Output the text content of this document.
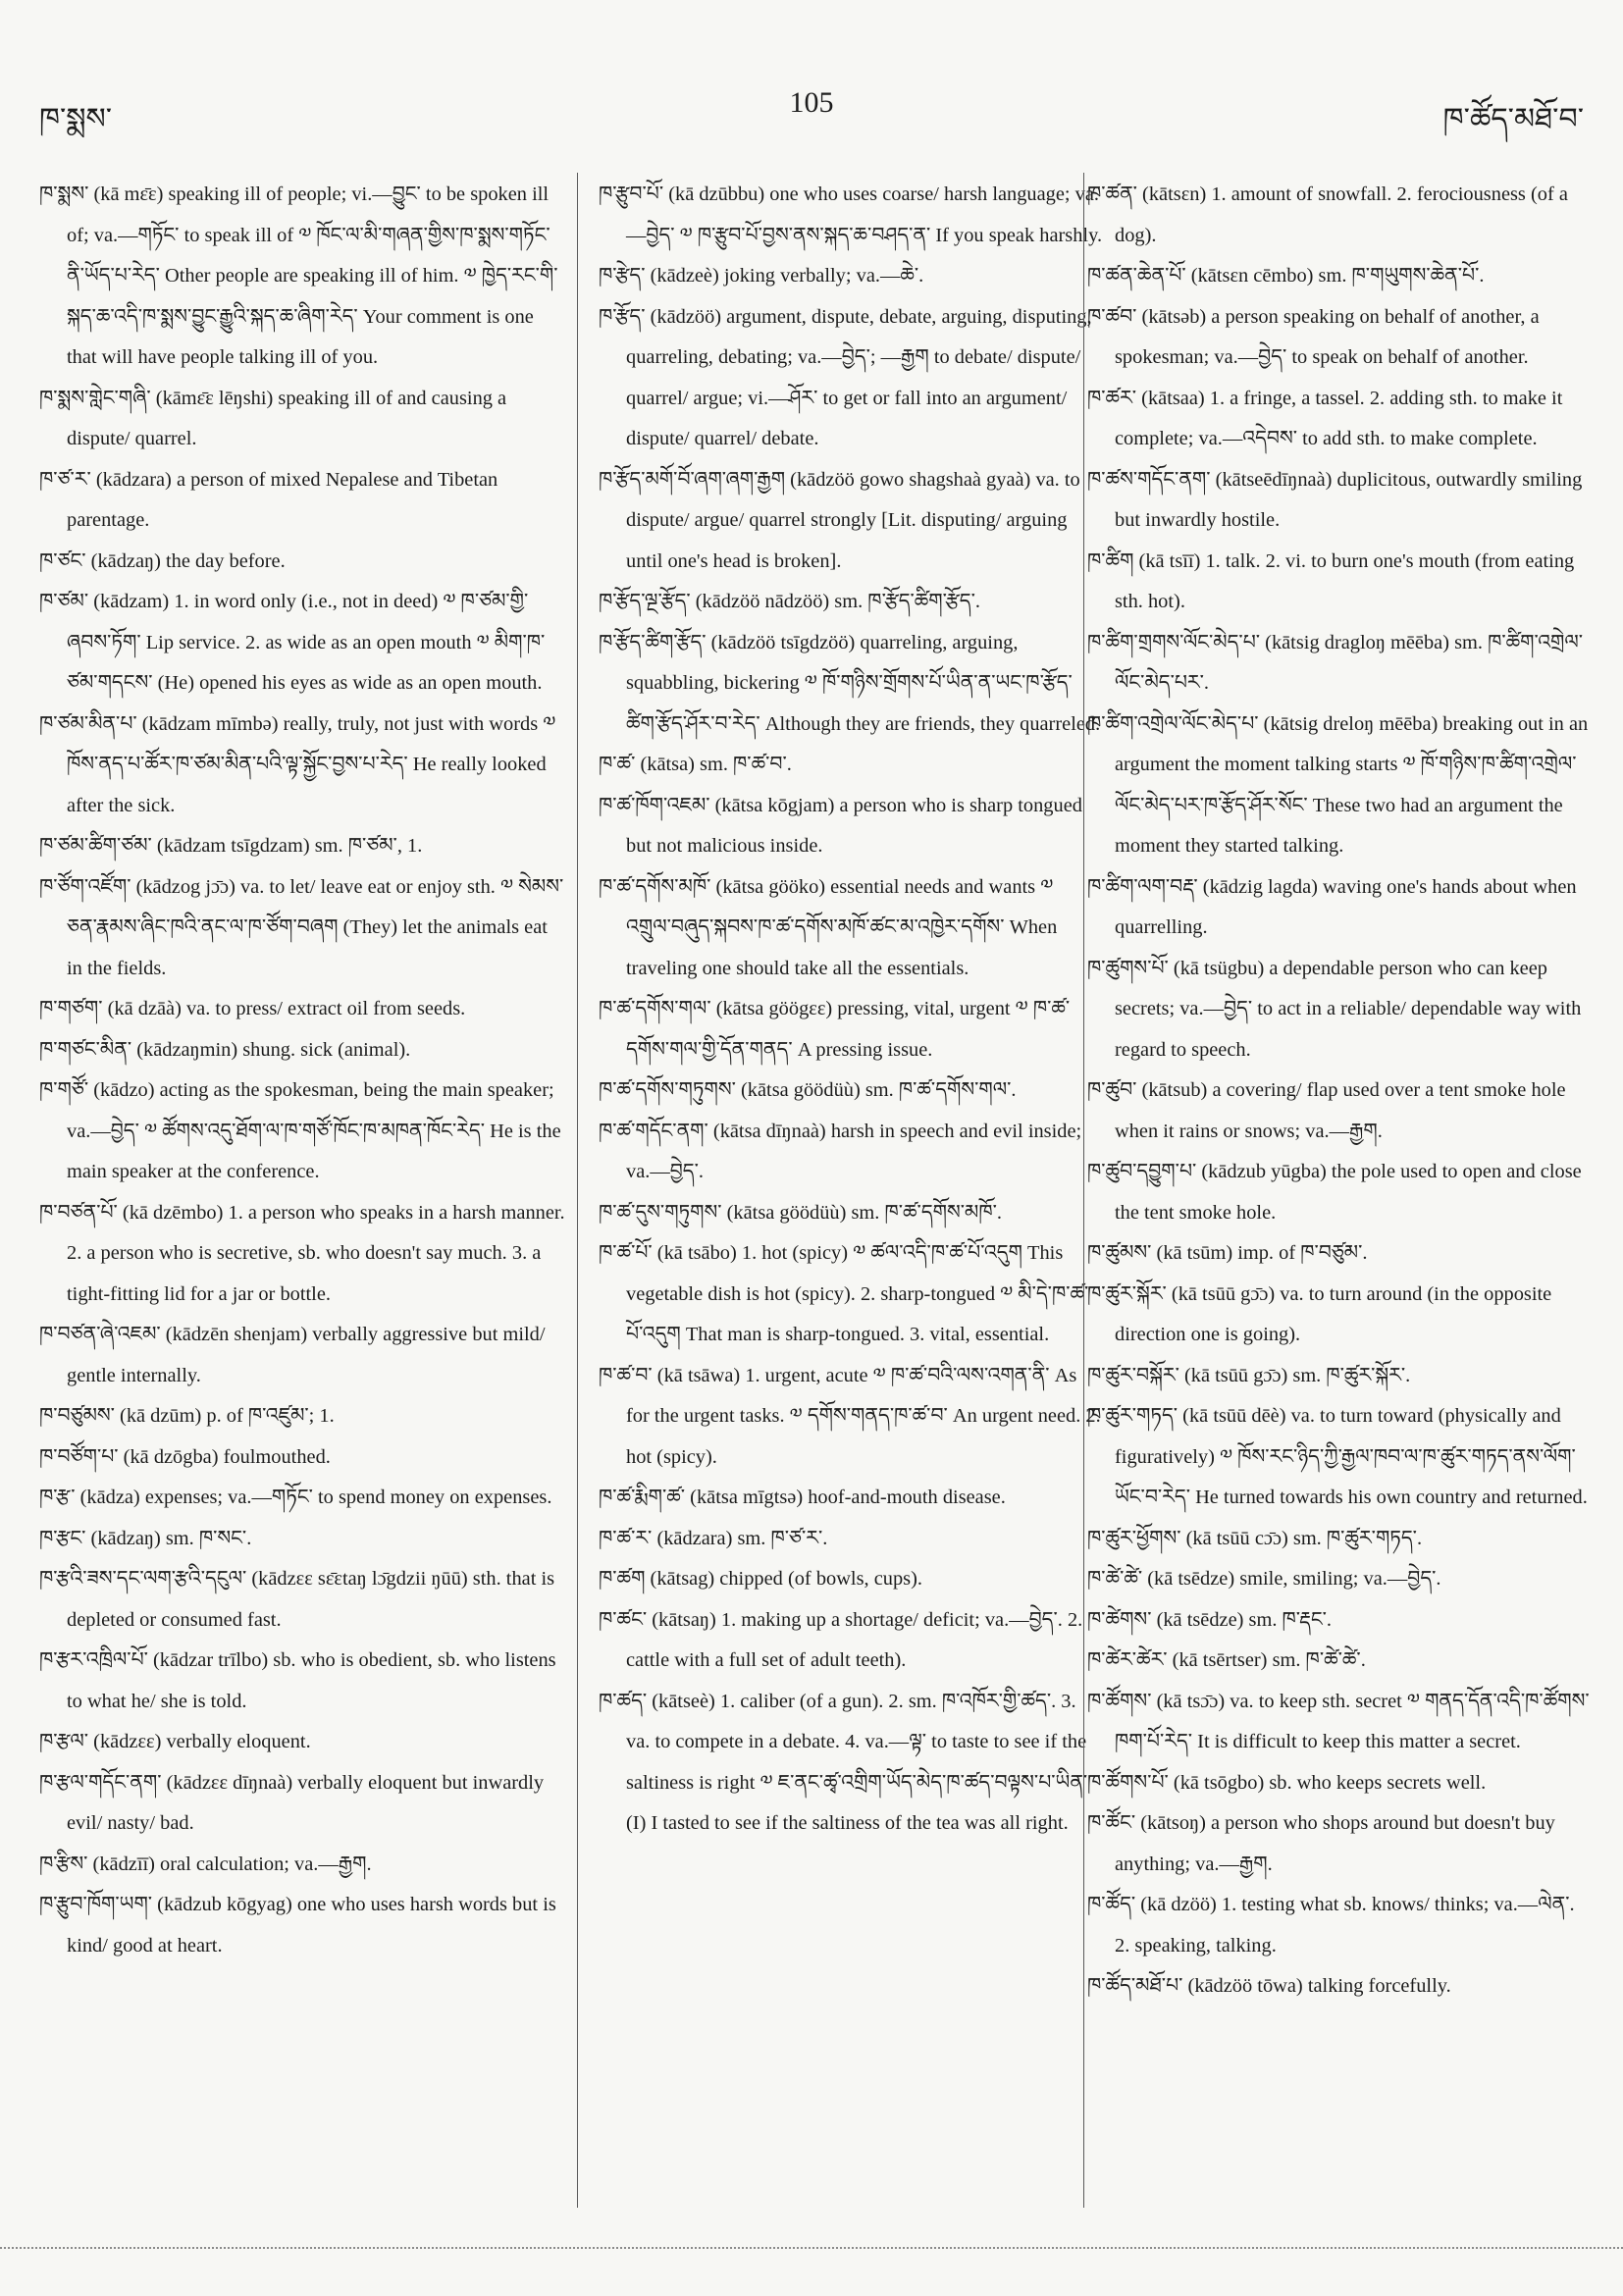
ཁ་སྨས་
105
ཁ་ཚོད་མཐོ་བ་

ཁ་སྨས་ (kā mɛ̄ɛ) speaking ill of people; vi.—བྱུང་ to be spoken ill of; va.—གཏོང་ to speak ill of ༧ ཁོང་ལ་མི་གཞན་གྱིས་ཁ་སྨས་གཏོང་ནི་ཡོད་པ་རེད་ Other people are speaking ill of him. ༧ ཁྱེད་རང་གི་སྐད་ཆ་འདི་ཁ་སྨས་བྱུང་རྒྱུའི་སྐད་ཆ་ཞིག་རེད་ Your comment is one that will have people talking ill of you.

ཁ་སྨས་གླེང་གཞི་ (kāmɛ̄ɛ lēŋshi) speaking ill of and causing a dispute/ quarrel.

ཁ་ཙ་ར་ (kādzara) a person of mixed Nepalese and Tibetan parentage.

ཁ་ཙང་ (kādzaŋ) the day before.

ཁ་ཙམ་ (kādzam) 1. in word only (i.e., not in deed) ༧ ཁ་ཙམ་གྱི་ཞབས་ཏོག་ Lip service. 2. as wide as an open mouth ༧ མིག་ཁ་ཙམ་གདངས་ (He) opened his eyes as wide as an open mouth.

ཁ་ཙམ་མིན་པ་ (kādzam mīmbə) really, truly, not just with words ༧ ཁོས་ནད་པ་ཚོར་ཁ་ཙམ་མིན་པའི་ལྟ་སྐྱོང་བྱས་པ་རེད་ He really looked after the sick.

ཁ་ཙམ་ཚིག་ཙམ་ (kādzam tsīgdzam) sm. ཁ་ཙམ་, 1.

ཁ་ཙོག་འཛོག་ (kādzog jɔ̄ɔ) va. to let/ leave eat or enjoy sth. ༧ སེམས་ཅན་རྣམས་ཞིང་ཁའི་ནང་ལ་ཁ་ཙོག་བཞག (They) let the animals eat in the fields.

ཁ་གཙག་ (kā dzāà) va. to press/ extract oil from seeds.

ཁ་གཙང་མིན་ (kādzaŋmin) shung. sick (animal).

ཁ་གཙོ་ (kādzo) acting as the spokesman, being the main speaker; va.—བྱེད་ ༧ ཚོགས་འདུ་ཐོག་ལ་ཁ་གཙོ་ཁོང་ཁ་མཁན་ཁོང་རེད་ He is the main speaker at the conference.

ཁ་བཙན་པོ་ (kā dzēmbo) 1. a person who speaks in a harsh manner. 2. a person who is secretive, sb. who doesn't say much. 3. a tight-fitting lid for a jar or bottle.

ཁ་བཙན་ཞེ་འཇམ་ (kādzēn shenjam) verbally aggressive but mild/ gentle internally.

ཁ་བཙུམས་ (kā dzūm) p. of ཁ་འཛུམ་; 1.

ཁ་བཙོག་པ་ (kā dzōgba) foulmouthed.

ཁ་རྩ་ (kādza) expenses; va.—གཏོང་ to spend money on expenses.

ཁ་རྩང་ (kādzaŋ) sm. ཁ་སང་.

ཁ་རྩའི་ཟས་དང་ལག་རྩའི་དངུལ་ (kādzɛɛ sɛ̄ɛtaŋ lɔ̄gdzii ŋūū) sth. that is depleted or consumed fast.

ཁ་རྩར་འཁྲིལ་པོ་ (kādzar trīlbo) sb. who is obedient, sb. who listens to what he/ she is told.

ཁ་རྩལ་ (kādzɛɛ) verbally eloquent.

ཁ་རྩལ་གདོང་ནག་ (kādzɛɛ dīŋnaà) verbally eloquent but inwardly evil/ nasty/ bad.

ཁ་རྩིས་ (kādzīī) oral calculation; va.—རྒྱག.

ཁ་རྩུབ་ཁོག་ཡག་ (kādzub kōgyag) one who uses harsh words but is kind/ good at heart.

ཁ་རྩུབ་པོ་ (kā dzūbbu) one who uses coarse/ harsh language; va.—བྱེད་ ༧ ཁ་རྩུབ་པོ་བྱས་ནས་སྐད་ཆ་བཤད་ན་ If you speak harshly.

ཁ་རྩེད་ (kādzeè) joking verbally; va.—ཆེ་.

ཁ་རྩོད་ (kādzöö) argument, dispute, debate, arguing, disputing, quarreling, debating; va.—བྱེད་; —རྒྱག to debate/ dispute/ quarrel/ argue; vi.—ཤོར་ to get or fall into an argument/ dispute/ quarrel/ debate.

ཁ་རྩོད་མགོ་བོ་ཞག་ཞག་རྒྱག (kādzöö gowo shagshaà gyaà) va. to dispute/ argue/ quarrel strongly [Lit. disputing/ arguing until one's head is broken].

ཁ་རྩོད་ལྔ་རྩོད་ (kādzöö nādzöö) sm. ཁ་རྩོད་ཚིག་རྩོད་.

ཁ་རྩོད་ཚིག་རྩོད་ (kādzöö tsīgdzöö) quarreling, arguing, squabbling, bickering ༧ ཁོ་གཉིས་གྲོགས་པོ་ཡིན་ན་ཡང་ཁ་རྩོད་ཚིག་རྩོད་ཤོར་བ་རེད་ Although they are friends, they quarreled.

ཁ་ཚ་ (kātsa) sm. ཁ་ཚ་བ་.

ཁ་ཚ་ཁོག་འཇམ་ (kātsa kōgjam) a person who is sharp tongued but not malicious inside.

ཁ་ཚ་དགོས་མཁོ་ (kātsa gööko) essential needs and wants ༧ འགྲུལ་བཞུད་སྐབས་ཁ་ཚ་དགོས་མཁོ་ཚང་མ་འཁྱེར་དགོས་ When traveling one should take all the essentials.

ཁ་ཚ་དགོས་གལ་ (kātsa göögɛɛ) pressing, vital, urgent ༧ ཁ་ཚ་དགོས་གལ་གྱི་དོན་གནད་ A pressing issue.

ཁ་ཚ་དགོས་གཏུགས་ (kātsa göödüù) sm. ཁ་ཚ་དགོས་གལ་.

ཁ་ཚ་གདོང་ནག་ (kātsa dīŋnaà) harsh in speech and evil inside; va.—བྱེད་.

ཁ་ཚ་དུས་གཏུགས་ (kātsa göödüù) sm. ཁ་ཚ་དགོས་མཁོ་.

ཁ་ཚ་པོ་ (kā tsābo) 1. hot (spicy) ༧ ཚལ་འདི་ཁ་ཚ་པོ་འདུག This vegetable dish is hot (spicy). 2. sharp-tongued ༧ མི་དེ་ཁ་ཚ་པོ་འདུག That man is sharp-tongued. 3. vital, essential.

ཁ་ཚ་བ་ (kā tsāwa) 1. urgent, acute ༧ ཁ་ཚ་བའི་ལས་འགན་ནི་ As for the urgent tasks. ༧ དགོས་གནད་ཁ་ཚ་བ་ An urgent need. 2. hot (spicy).

ཁ་ཚ་རྨིག་ཚ་ (kātsa mīgtsə) hoof-and-mouth disease.

ཁ་ཚ་ར་ (kādzara) sm. ཁ་ཙ་ར་.

ཁ་ཚག (kātsag) chipped (of bowls, cups).

ཁ་ཚང་ (kātsaŋ) 1. making up a shortage/ deficit; va.—བྱེད་. 2. cattle with a full set of adult teeth).

ཁ་ཚད་ (kātseè) 1. caliber (of a gun). 2. sm. ཁ་འཁོར་གྱི་ཚད་. 3. va. to compete in a debate. 4. va.—ལྟ་ to taste to see if the saltiness is right ༧ ཇ་ནང་ཚྭ་འགྲིག་ཡོད་མེད་ཁ་ཚད་བལྟས་པ་ཡིན་ (I) I tasted to see if the saltiness of the tea was all right.

ཁ་ཚན་ (kātsɛn) 1. amount of snowfall. 2. ferociousness (of a dog).

ཁ་ཚན་ཆེན་པོ་ (kātsɛn cēmbo) sm. ཁ་གཡུགས་ཆེན་པོ་.

ཁ་ཚབ་ (kātsəb) a person speaking on behalf of another, a spokesman; va.—བྱེད་ to speak on behalf of another.

ཁ་ཚར་ (kātsaa) 1. a fringe, a tassel. 2. adding sth. to make it complete; va.—འདེབས་ to add sth. to make complete.

ཁ་ཚས་གདོང་ནག་ (kātseēdīŋnaà) duplicitous, outwardly smiling but inwardly hostile.

ཁ་ཚིག (kā tsīī) 1. talk. 2. vi. to burn one's mouth (from eating sth. hot).

ཁ་ཚིག་གྲགས་ལོང་མེད་པ་ (kātsig dragloŋ mēēba) sm. ཁ་ཚིག་འགྲེལ་ལོང་མེད་པར་.

ཁ་ཚིག་འགྲེལ་ལོང་མེད་པ་ (kātsig dreloŋ mēēba) breaking out in an argument the moment talking starts ༧ ཁོ་གཉིས་ཁ་ཚིག་འགྲེལ་ལོང་མེད་པར་ཁ་རྩོད་ཤོར་སོང་ These two had an argument the moment they started talking.

ཁ་ཚིག་ལག་བརྡ་ (kādzig lagda) waving one's hands about when quarrelling.

ཁ་ཚུགས་པོ་ (kā tsügbu) a dependable person who can keep secrets; va.—བྱེད་ to act in a reliable/ dependable way with regard to speech.

ཁ་ཚུབ་ (kātsub) a covering/ flap used over a tent smoke hole when it rains or snows; va.—རྒྱག.

ཁ་ཚུབ་དབྱུག་པ་ (kādzub yūgba) the pole used to open and close the tent smoke hole.

ཁ་ཚུམས་ (kā tsūm) imp. of ཁ་བཙུམ་.

ཁ་ཚུར་སྐོར་ (kā tsūū gɔ̄ɔ) va. to turn around (in the opposite direction one is going).

ཁ་ཚུར་བསྐོར་ (kā tsūū gɔ̄ɔ) sm. ཁ་ཚུར་སྐོར་.

ཁ་ཚུར་གཏད་ (kā tsūū dēè) va. to turn toward (physically and figuratively) ༧ ཁོས་རང་ཉིད་ཀྱི་རྒྱལ་ཁབ་ལ་ཁ་ཚུར་གཏད་ནས་ལོག་ཡོང་བ་རེད་ He turned towards his own country and returned.

ཁ་ཚུར་ཕྱོགས་ (kā tsūū cɔ̄ɔ) sm. ཁ་ཚུར་གཏད་.

ཁ་ཚེ་ཚེ་ (kā tsēdze) smile, smiling; va.—བྱེད་.

ཁ་ཚེགས་ (kā tsēdze) sm. ཁ་རྡང་.

ཁ་ཚེར་ཚེར་ (kā tsērtser) sm. ཁ་ཚེ་ཚེ་.

ཁ་ཚོགས་ (kā tsɔ̄ɔ) va. to keep sth. secret ༧ གནད་དོན་འདི་ཁ་ཚོགས་ཁག་པོ་རེད་ It is difficult to keep this matter a secret.

ཁ་ཚོགས་པོ་ (kā tsōgbo) sb. who keeps secrets well.

ཁ་ཚོང་ (kātsoŋ) a person who shops around but doesn't buy anything; va.—རྒྱག.

ཁ་ཚོད་ (kā dzöö) 1. testing what sb. knows/ thinks; va.—ལེན་. 2. speaking, talking.

ཁ་ཚོད་མཐོ་པ་ (kādzöö tōwa) talking forcefully.
